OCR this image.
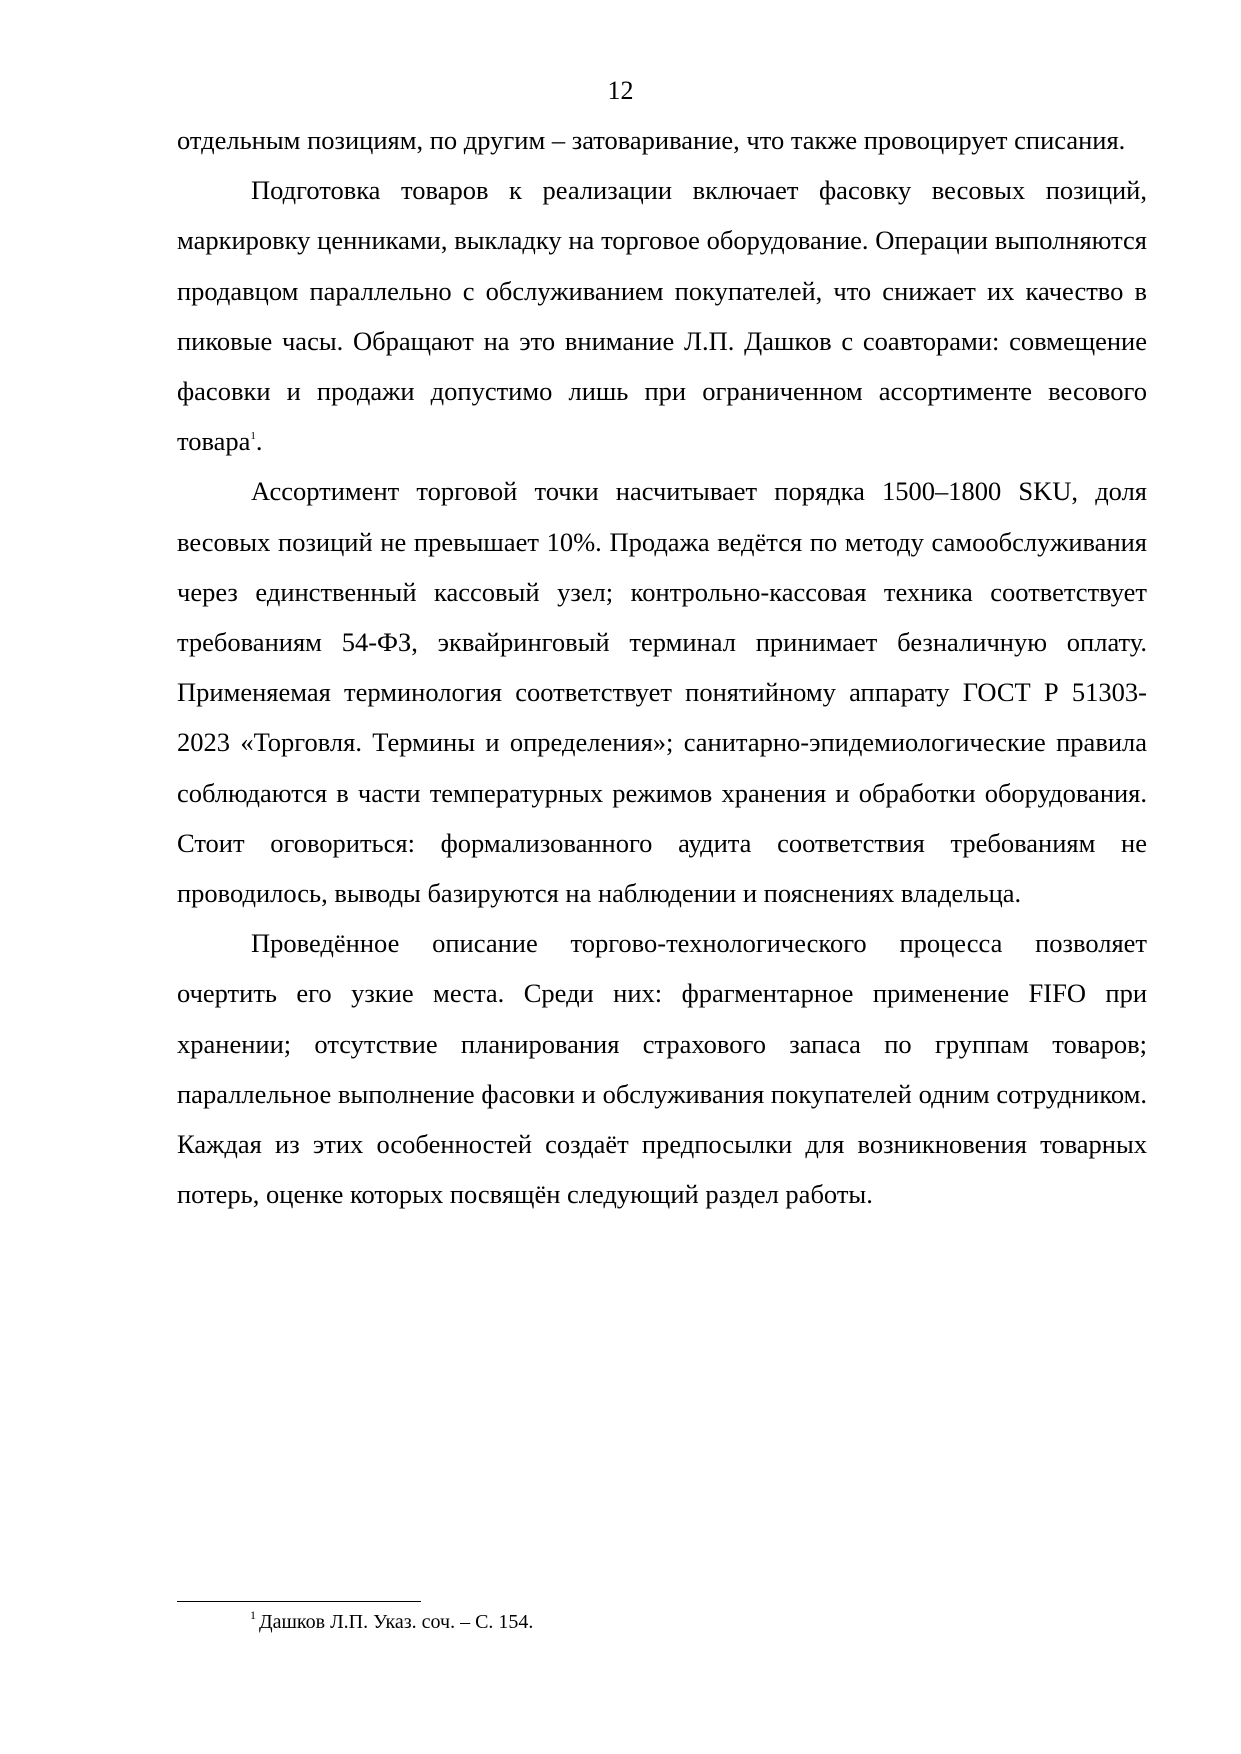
12

отдельным позициям, по другим – затоваривание, что также провоцирует списания.

Подготовка товаров к реализации включает фасовку весовых позиций, маркировку ценниками, выкладку на торговое оборудование. Операции выполняются продавцом параллельно с обслуживанием покупателей, что снижает их качество в пиковые часы. Обращают на это внимание Л.П. Дашков с соавторами: совмещение фасовки и продажи допустимо лишь при ограниченном ассортименте весового товара$^1$.

Ассортимент торговой точки насчитывает порядка 1500–1800 SKU, доля весовых позиций не превышает 10%. Продажа ведётся по методу самообслуживания через единственный кассовый узел; контрольно-кассовая техника соответствует требованиям 54-ФЗ, эквайринговый терминал принимает безналичную оплату. Применяемая терминология соответствует понятийному аппарату ГОСТ Р 51303-2023 «Торговля. Термины и определения»; санитарно-эпидемиологические правила соблюдаются в части температурных режимов хранения и обработки оборудования. Стоит оговориться: формализованного аудита соответствия требованиям не проводилось, выводы базируются на наблюдении и пояснениях владельца.

Проведённое описание торгово-технологического процесса позволяет очертить его узкие места. Среди них: фрагментарное применение FIFO при хранении; отсутствие планирования страхового запаса по группам товаров; параллельное выполнение фасовки и обслуживания покупателей одним сотрудником. Каждая из этих особенностей создаёт предпосылки для возникновения товарных потерь, оценке которых посвящён следующий раздел работы.

$^1$ Дашков Л.П. Указ. соч. – С. 154.
